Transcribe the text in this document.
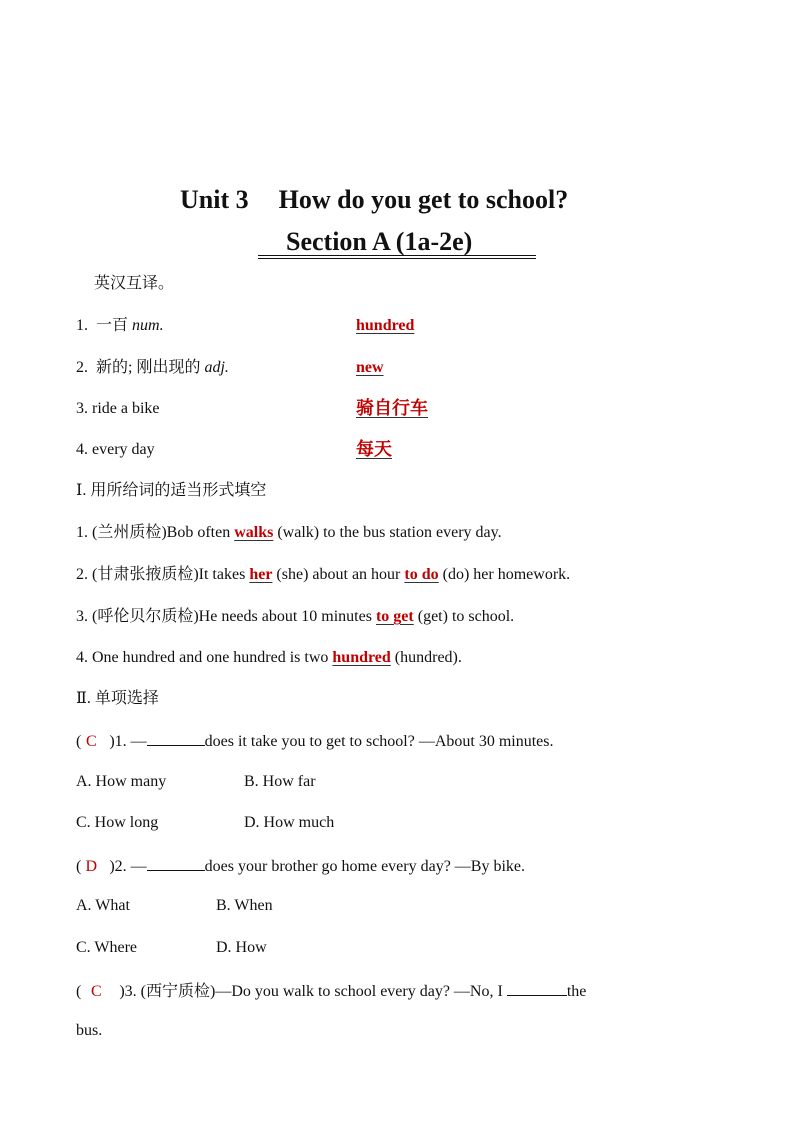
Unit 3 How do you get to school?
Section A (1a-2e)
英汉互译。
1. 一百 num.	hundred
2. 新的; 刚出现的 adj.	new
3. ride a bike	骑自行车
4. every day	每天
Ⅰ. 用所给词的适当形式填空
1. (兰州质检)Bob often walks (walk) to the bus station every day.
2. (甘肃张掖质检)It takes her (she) about an hour to do (do) her homework.
3. (呼伦贝尔质检)He needs about 10 minutes to get (get) to school.
4. One hundred and one hundred is two hundred (hundred).
Ⅱ. 单项选择
( C )1. —	does it take you to get to school? —About 30 minutes.
A. How many	B. How far
C. How long	D. How much
( D )2. —	does your brother go home every day? —By bike.
A. What	B. When
C. Where	D. How
( C )3. (西宁质检)—Do you walk to school every day? —No, I	the
bus.
